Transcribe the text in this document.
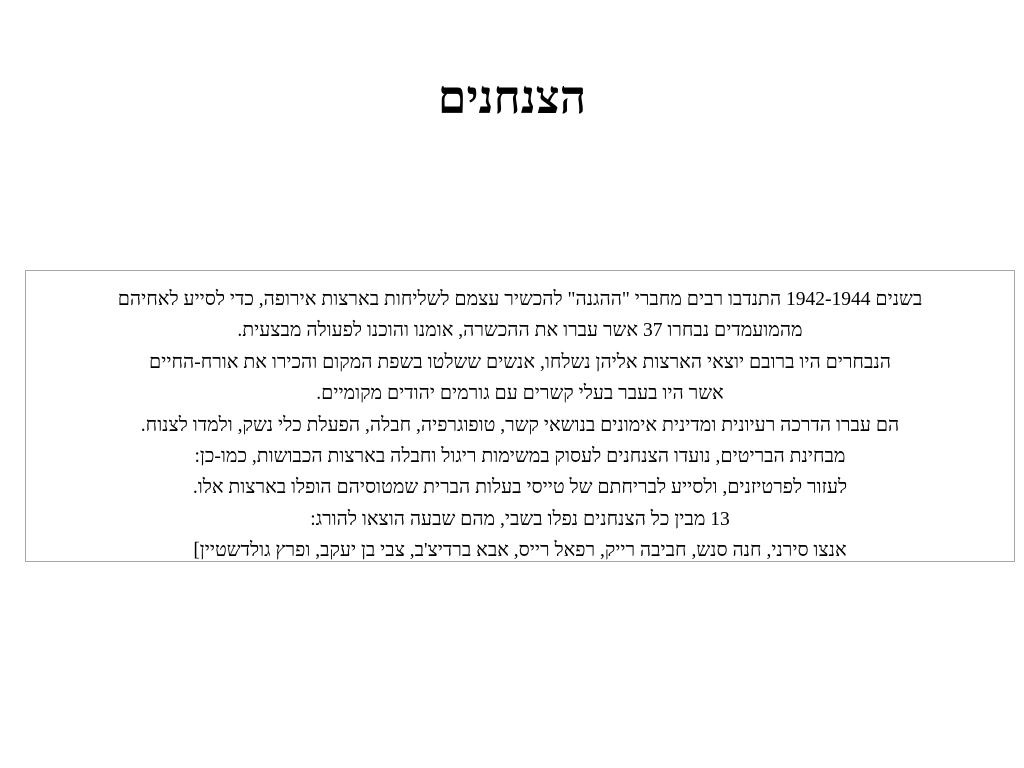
הצנחנים
בשנים 1942-1944 התנדבו רבים מחברי "ההגנה" להכשיר עצמם לשליחות בארצות אירופה, כדי לסייע לאחיהם
מהמועמדים נבחרו 37 אשר עברו את ההכשרה, אומנו והוכנו לפעולה מבצעית.
הנבחרים היו ברובם יוצאי הארצות אליהן נשלחו, אנשים ששלטו בשפת המקום והכירו את אורח-החיים
אשר היו בעבר בעלי קשרים עם גורמים יהודים מקומיים.
הם עברו הדרכה רעיונית ומדינית אימונים בנושאי קשר, טופוגרפיה, חבלה, הפעלת כלי נשק, ולמדו לצנוח.
מבחינת הבריטים, נועדו הצנחנים לעסוק במשימות ריגול וחבלה בארצות הכבושות, כמו-כן:
לעזור לפרטיזנים, ולסייע לבריחתם של טייסי בעלות הברית שמטוסיהם הופלו בארצות אלו.
13 מבין כל הצנחנים נפלו בשבי, מהם שבעה הוצאו להורג:
אנצו סירני, חנה סנש, חביבה רייק, רפאל רייס, אבא ברדיצ'ב, צבי בן יעקב, ופרץ גולדשטיין]
